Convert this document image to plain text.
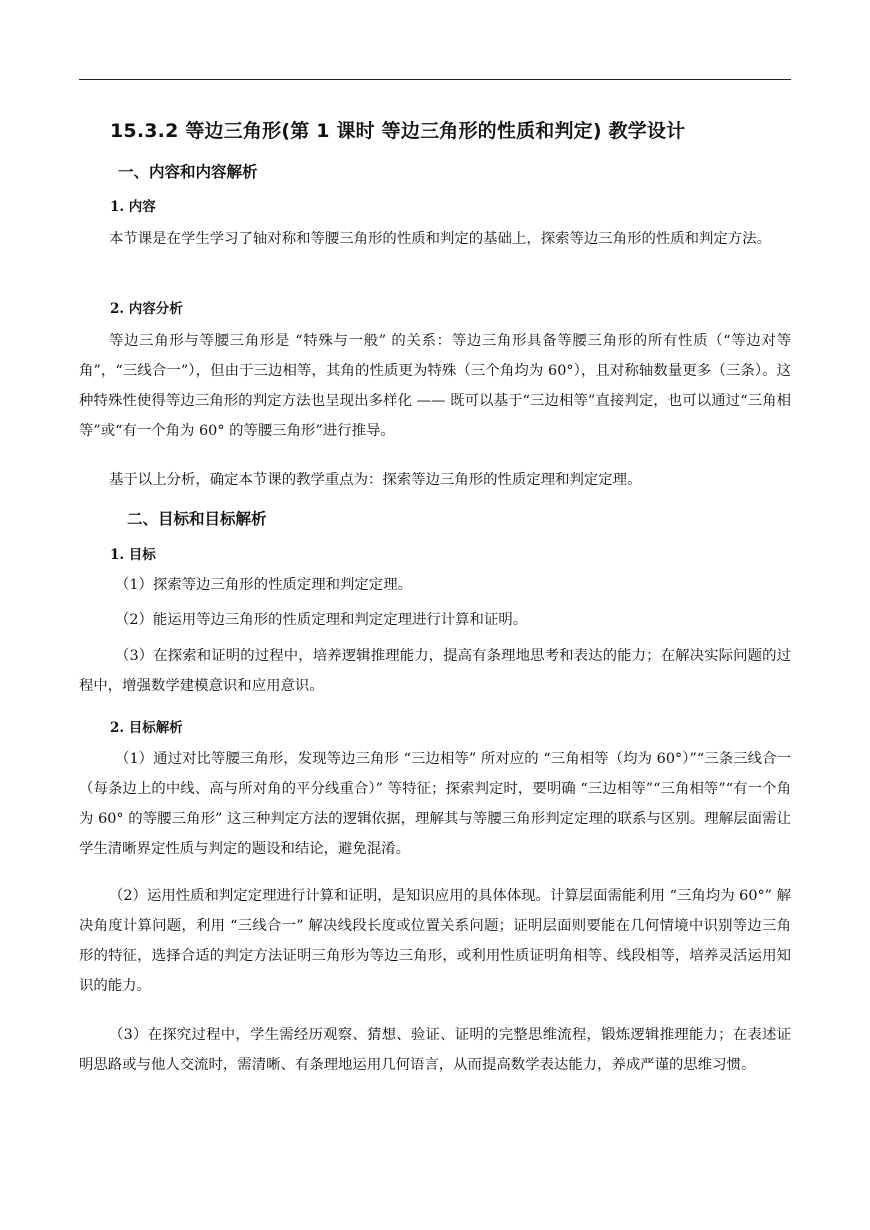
15.3.2 等边三角形(第 1 课时 等边三角形的性质和判定) 教学设计
一、内容和内容解析
1. 内容

本节课是在学生学习了轴对称和等腰三角形的性质和判定的基础上，探索等边三角形的性质和判定方法。

2. 内容分析

等边三角形与等腰三角形是 “特殊与一般” 的关系：等边三角形具备等腰三角形的所有性质（“等边对等角”，“三线合一”），但由于三边相等，其角的性质更为特殊（三个角均为 60°），且对称轴数量更多（三条）。这种特殊性使得等边三角形的判定方法也呈现出多样化 —— 既可以基于“三边相等”直接判定，也可以通过“三角相等”或“有一个角为 60° 的等腰三角形”进行推导。

基于以上分析，确定本节课的教学重点为：探索等边三角形的性质定理和判定定理。

二、目标和目标解析
1. 目标

（1）探索等边三角形的性质定理和判定定理。

（2）能运用等边三角形的性质定理和判定定理进行计算和证明。

（3）在探索和证明的过程中，培养逻辑推理能力，提高有条理地思考和表达的能力；在解决实际问题的过程中，增强数学建模意识和应用意识。

2. 目标解析

（1）通过对比等腰三角形，发现等边三角形 “三边相等” 所对应的 “三角相等（均为 60°）”“三条三线合一（每条边上的中线、高与所对角的平分线重合）” 等特征；探索判定时，要明确 “三边相等”“三角相等”“有一个角为 60° 的等腰三角形” 这三种判定方法的逻辑依据，理解其与等腰三角形判定定理的联系与区别。理解层面需让学生清晰界定性质与判定的题设和结论，避免混淆。

（2）运用性质和判定定理进行计算和证明，是知识应用的具体体现。计算层面需能利用 “三角均为 60°” 解决角度计算问题，利用 “三线合一” 解决线段长度或位置关系问题；证明层面则要能在几何情境中识别等边三角形的特征，选择合适的判定方法证明三角形为等边三角形，或利用性质证明角相等、线段相等，培养灵活运用知识的能力。

（3）在探究过程中，学生需经历观察、猜想、验证、证明的完整思维流程，锻炼逻辑推理能力；在表述证明思路或与他人交流时，需清晰、有条理地运用几何语言，从而提高数学表达能力，养成严谨的思维习惯。
